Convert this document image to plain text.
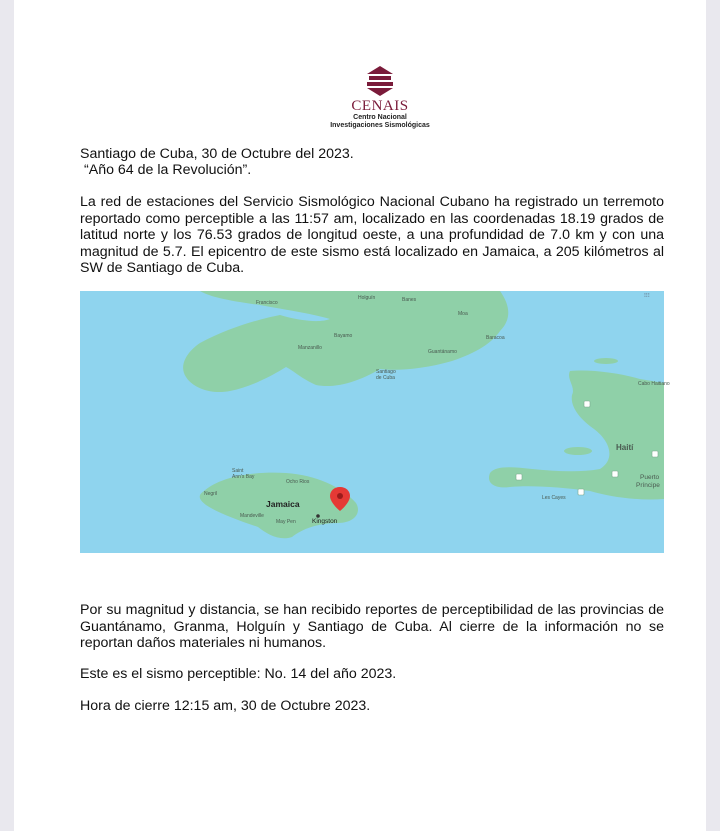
CENAIS
Centro Nacional
Investigaciones Sismológicas
Santiago de Cuba, 30 de Octubre del 2023.
“Año 64 de la Revolución”.
La red de estaciones del Servicio Sismológico Nacional Cubano ha registrado un terremoto reportado como perceptible a las 11:57 am, localizado en las coordenadas 18.19 grados de latitud norte y los 76.53 grados de longitud oeste, a una profundidad de 7.0 km y con una magnitud de 5.7. El epicentro de este sismo está localizado en Jamaica, a 205 kilómetros al SW de Santiago de Cuba.
Francisco
Holguín	Banes
Moa
Baracoa
Bayamo
Manzanillo
Guantánamo
Santiago
de Cuba
Cabo Haitiano
Haití
Puerto
Príncipe
Les Cayes
Saint
Ann's Bay
Negril
Ocho Rios
Jamaica
Mandeville
May Pen	Kingston
⁝⁝⁝
Por su magnitud y distancia, se han recibido reportes de perceptibilidad de las provincias de Guantánamo, Granma, Holguín y Santiago de Cuba. Al cierre de la información no se reportan daños materiales ni humanos.
Este es el sismo perceptible: No. 14 del año 2023.
Hora de cierre 12:15 am, 30 de Octubre 2023.
